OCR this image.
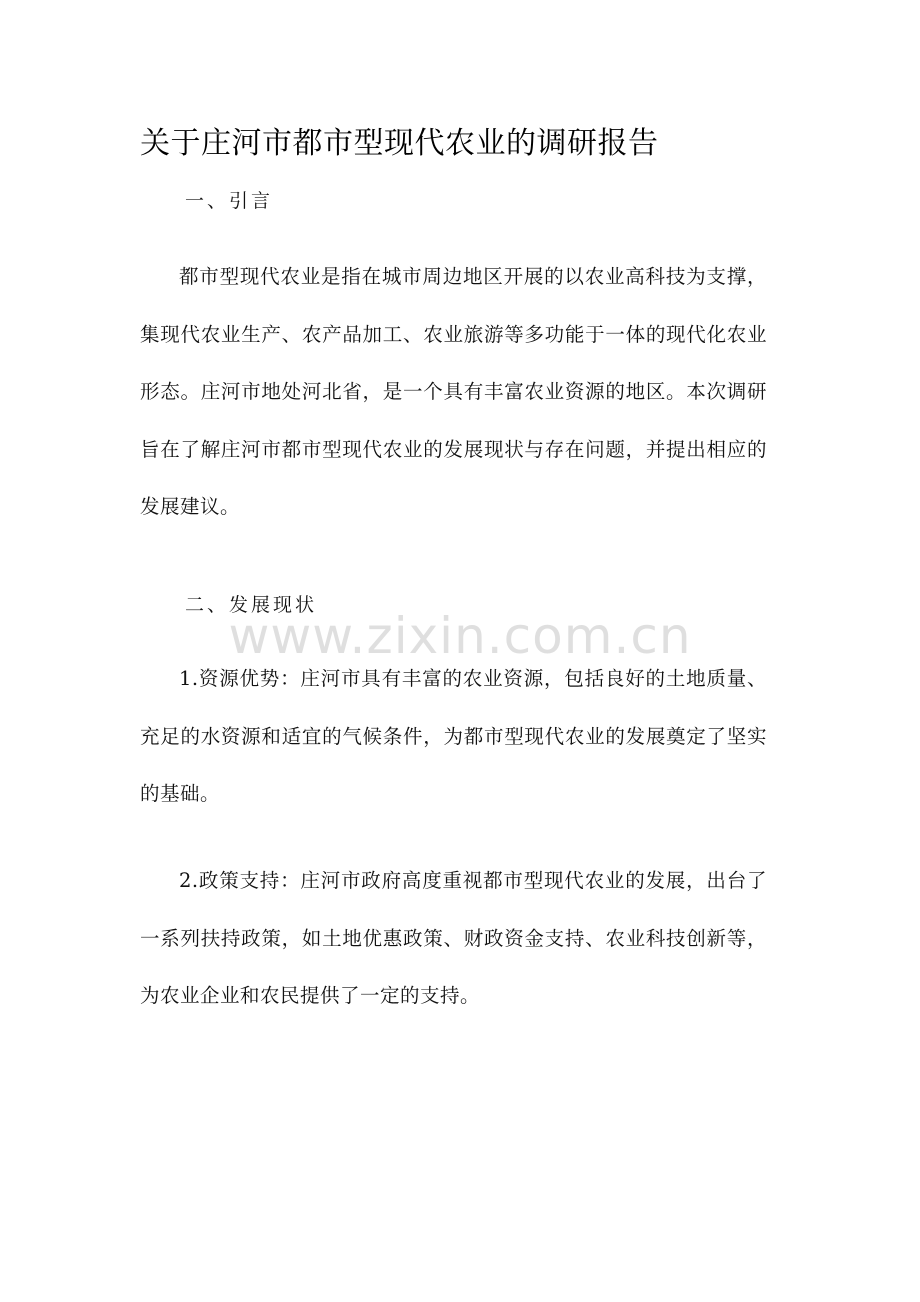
关于庄河市都市型现代农业的调研报告

一、引言

都市型现代农业是指在城市周边地区开展的以农业高科技为支撑，集现代农业生产、农产品加工、农业旅游等多功能于一体的现代化农业形态。庄河市地处河北省，是一个具有丰富农业资源的地区。本次调研旨在了解庄河市都市型现代农业的发展现状与存在问题，并提出相应的发展建议。

二、发展现状

www.zixin.com.cn

1.资源优势：庄河市具有丰富的农业资源，包括良好的土地质量、充足的水资源和适宜的气候条件，为都市型现代农业的发展奠定了坚实的基础。

2.政策支持：庄河市政府高度重视都市型现代农业的发展，出台了一系列扶持政策，如土地优惠政策、财政资金支持、农业科技创新等，为农业企业和农民提供了一定的支持。
